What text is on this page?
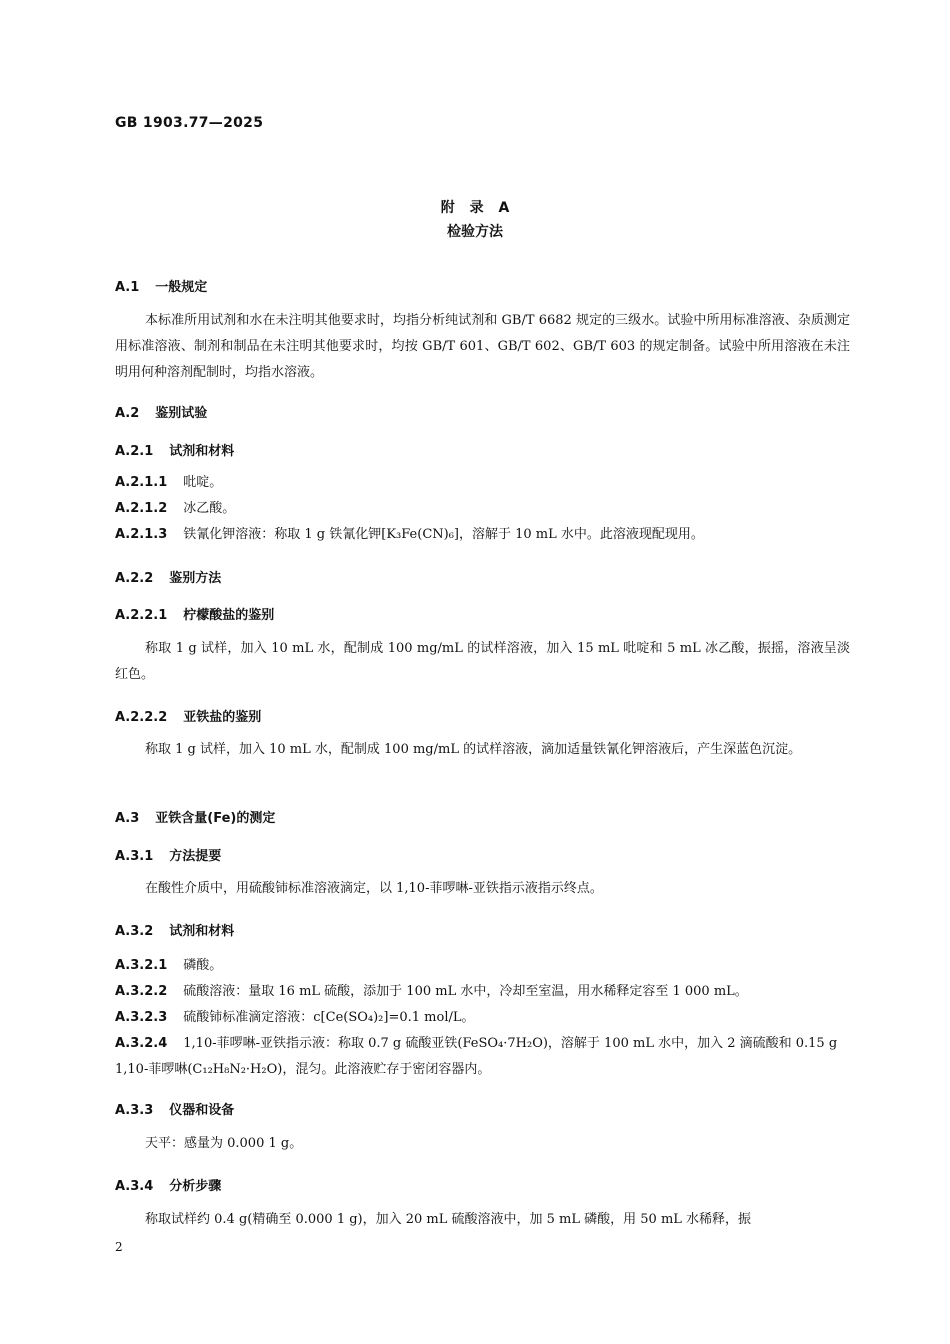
GB 1903.77—2025
附 录 A
检验方法
A.1 一般规定
本标准所用试剂和水在未注明其他要求时，均指分析纯试剂和 GB/T 6682 规定的三级水。试验中所用标准溶液、杂质测定用标准溶液、制剂和制品在未注明其他要求时，均按 GB/T 601、GB/T 602、GB/T 603 的规定制备。试验中所用溶液在未注明用何种溶剂配制时，均指水溶液。
A.2 鉴别试验
A.2.1 试剂和材料
A.2.1.1 吡啶。
A.2.1.2 冰乙酸。
A.2.1.3 铁氰化钾溶液：称取 1 g 铁氰化钾[K₃Fe(CN)₆]，溶解于 10 mL 水中。此溶液现配现用。
A.2.2 鉴别方法
A.2.2.1 柠檬酸盐的鉴别
称取 1 g 试样，加入 10 mL 水，配制成 100 mg/mL 的试样溶液，加入 15 mL 吡啶和 5 mL 冰乙酸，振摇，溶液呈淡红色。
A.2.2.2 亚铁盐的鉴别
称取 1 g 试样，加入 10 mL 水，配制成 100 mg/mL 的试样溶液，滴加适量铁氰化钾溶液后，产生深蓝色沉淀。
A.3 亚铁含量(Fe)的测定
A.3.1 方法提要
在酸性介质中，用硫酸铈标准溶液滴定，以 1,10-菲啰啉-亚铁指示液指示终点。
A.3.2 试剂和材料
A.3.2.1 磷酸。
A.3.2.2 硫酸溶液：量取 16 mL 硫酸，添加于 100 mL 水中，冷却至室温，用水稀释定容至 1 000 mL。
A.3.2.3 硫酸铈标准滴定溶液：c[Ce(SO₄)₂]=0.1 mol/L。
A.3.2.4 1,10-菲啰啉-亚铁指示液：称取 0.7 g 硫酸亚铁(FeSO₄·7H₂O)，溶解于 100 mL 水中，加入 2 滴硫酸和 0.15 g 1,10-菲啰啉(C₁₂H₈N₂·H₂O)，混匀。此溶液贮存于密闭容器内。
A.3.3 仪器和设备
天平：感量为 0.000 1 g。
A.3.4 分析步骤
称取试样约 0.4 g(精确至 0.000 1 g)，加入 20 mL 硫酸溶液中，加 5 mL 磷酸，用 50 mL 水稀释，振
2
